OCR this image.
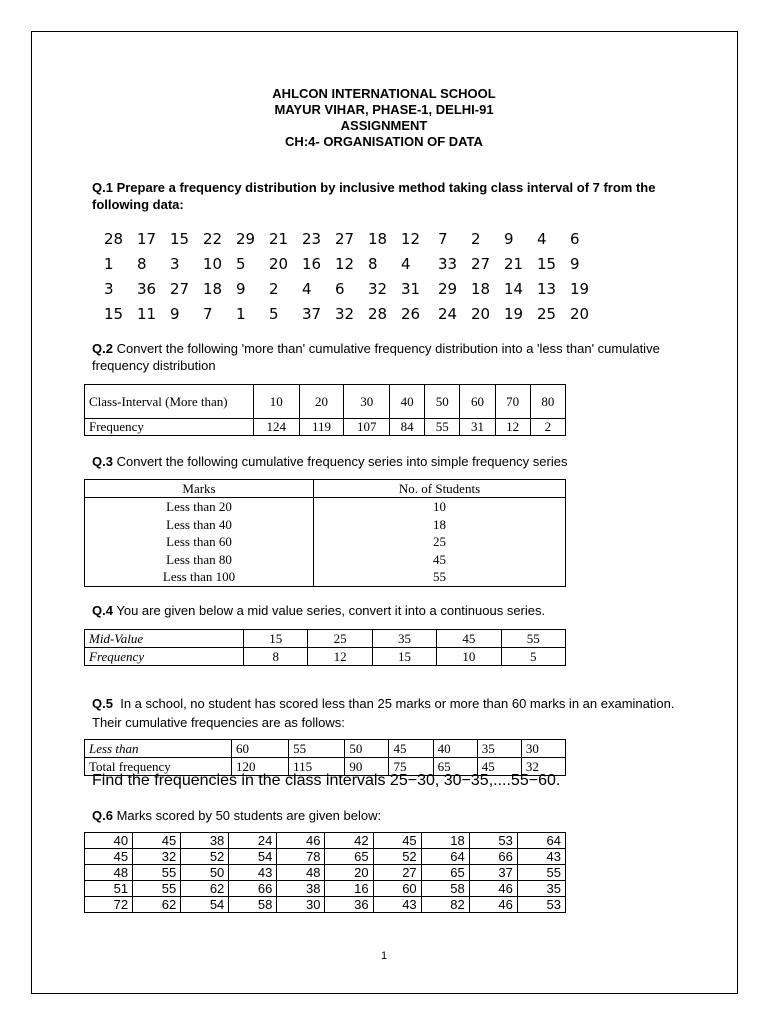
AHLCON INTERNATIONAL SCHOOL
MAYUR VIHAR, PHASE-1, DELHI-91
ASSIGNMENT
CH:4- ORGANISATION OF DATA
Q.1 Prepare a frequency distribution by inclusive method taking class interval of 7 from the following data:
28 17 15 22 29 21 23 27 18 12 7 2 9 4 6
1 8 3 10 5 20 16 12 8 4 33 27 21 15 9
3 36 27 18 9 2 4 6 32 31 29 18 14 13 19
15 11 9 7 1 5 37 32 28 26 24 20 19 25 20
Q.2 Convert the following 'more than' cumulative frequency distribution into a 'less than' cumulative frequency distribution
Class-Interval (More than)	10	20	30	40	50	60	70	80
Frequency	124	119	107	84	55	31	12	2
Q.3 Convert the following cumulative frequency series into simple frequency series
Marks	No. of Students
Less than 20	10
Less than 40	18
Less than 60	25
Less than 80	45
Less than 100	55
Q.4 You are given below a mid value series, convert it into a continuous series.
Mid-Value	15	25	35	45	55
Frequency	8	12	15	10	5
Q.5 In a school, no student has scored less than 25 marks or more than 60 marks in an examination. Their cumulative frequencies are as follows:
Less than	60	55	50	45	40	35	30
Total frequency	120	115	90	75	65	45	32
Find the frequencies in the class intervals 25−30, 30−35,....55−60.
Q.6 Marks scored by 50 students are given below:
40	45	38	24	46	42	45	18	53	64
45	32	52	54	78	65	52	64	66	43
48	55	50	43	48	20	27	65	37	55
51	55	62	66	38	16	60	58	46	35
72	62	54	58	30	36	43	82	46	53
1
